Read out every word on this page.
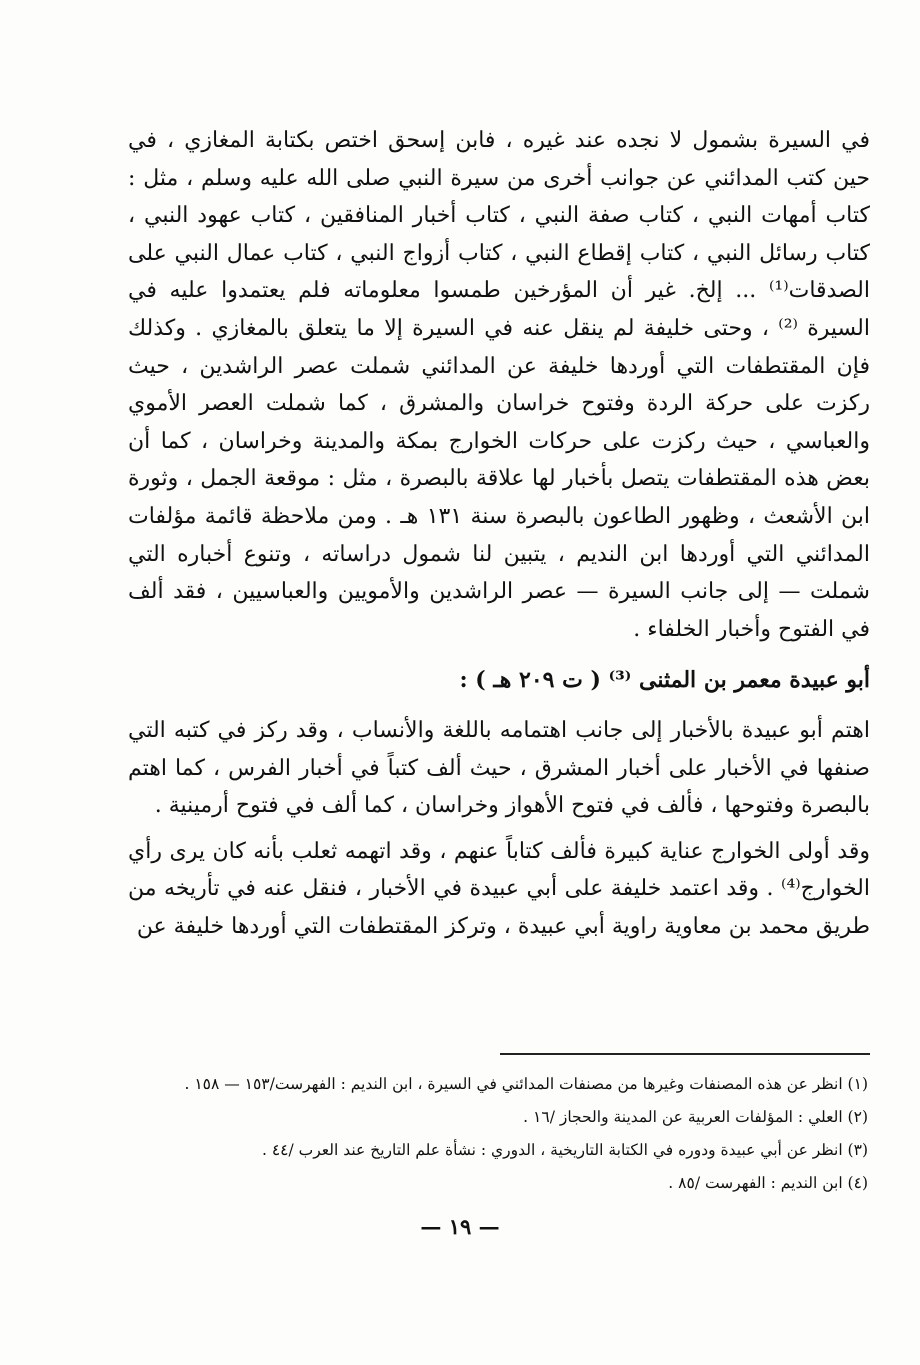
في السيرة بشمول لا نجده عند غيره ، فابن إسحق اختص بكتابة المغازي ، في حين كتب المدائني عن جوانب أخرى من سيرة النبي صلى الله عليه وسلم ، مثل : كتاب أمهات النبي ، كتاب صفة النبي ، كتاب أخبار المنافقين ، كتاب عهود النبي ، كتاب رسائل النبي ، كتاب إقطاع النبي ، كتاب أزواج النبي ، كتاب عمال النبي على الصدقات⁽¹⁾ ... إلخ. غير أن المؤرخين طمسوا معلوماته فلم يعتمدوا عليه في السيرة ⁽²⁾ ، وحتى خليفة لم ينقل عنه في السيرة إلا ما يتعلق بالمغازي . وكذلك فإن المقتطفات التي أوردها خليفة عن المدائني شملت عصر الراشدين ، حيث ركزت على حركة الردة وفتوح خراسان والمشرق ، كما شملت العصر الأموي والعباسي ، حيث ركزت على حركات الخوارج بمكة والمدينة وخراسان ، كما أن بعض هذه المقتطفات يتصل بأخبار لها علاقة بالبصرة ، مثل : موقعة الجمل ، وثورة ابن الأشعث ، وظهور الطاعون بالبصرة سنة ١٣١ هـ . ومن ملاحظة قائمة مؤلفات المدائني التي أوردها ابن النديم ، يتبين لنا شمول دراساته ، وتنوع أخباره التي شملت — إلى جانب السيرة — عصر الراشدين والأمويين والعباسيين ، فقد ألف في الفتوح وأخبار الخلفاء .

أبو عبيدة معمر بن المثنى ⁽³⁾ ( ت ٢٠٩ هـ ) :

اهتم أبو عبيدة بالأخبار إلى جانب اهتمامه باللغة والأنساب ، وقد ركز في كتبه التي صنفها في الأخبار على أخبار المشرق ، حيث ألف كتباً في أخبار الفرس ، كما اهتم بالبصرة وفتوحها ، فألف في فتوح الأهواز وخراسان ، كما ألف في فتوح أرمينية .

وقد أولى الخوارج عناية كبيرة فألف كتاباً عنهم ، وقد اتهمه ثعلب بأنه كان يرى رأي الخوارج⁽⁴⁾ . وقد اعتمد خليفة على أبي عبيدة في الأخبار ، فنقل عنه في تأريخه من طريق محمد بن معاوية راوية أبي عبيدة ، وتركز المقتطفات التي أوردها خليفة عن

(١) انظر عن هذه المصنفات وغيرها من مصنفات المدائني في السيرة ، ابن النديم : الفهرست/١٥٣ — ١٥٨ .

(٢) العلي : المؤلفات العربية عن المدينة والحجاز /١٦ .

(٣) انظر عن أبي عبيدة ودوره في الكتابة التاريخية ، الدوري : نشأة علم التاريخ عند العرب /٤٤ .

(٤) ابن النديم : الفهرست /٨٥ .

— ١٩ —
